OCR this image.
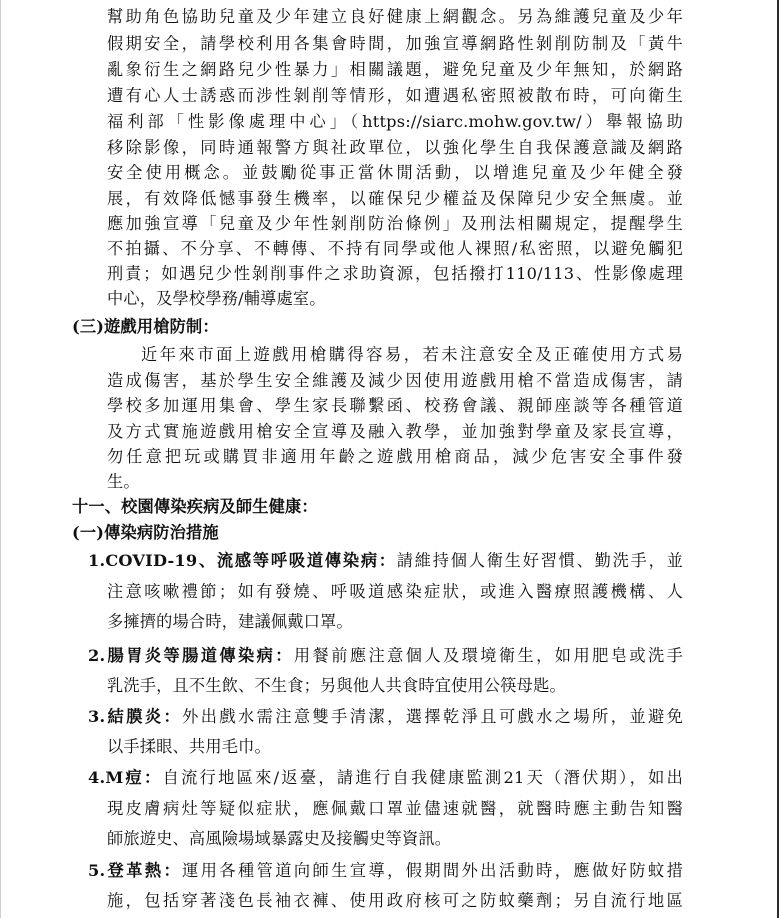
幫助角色協助兒童及少年建立良好健康上網觀念。另為維護兒童及少年
假期安全，請學校利用各集會時間，加強宣導網路性剝削防制及「黃牛
亂象衍生之網路兒少性暴力」相關議題，避免兒童及少年無知，於網路
遭有心人士誘惑而涉性剝削等情形，如遭遇私密照被散布時，可向衛生
福利部「性影像處理中心」（https://siarc.mohw.gov.tw/）舉報協助
移除影像，同時通報警方與社政單位，以強化學生自我保護意識及網路
安全使用概念。並鼓勵從事正當休閒活動，以增進兒童及少年健全發
展，有效降低憾事發生機率，以確保兒少權益及保障兒少安全無虞。並
應加強宣導「兒童及少年性剝削防治條例」及刑法相關規定，提醒學生
不拍攝、不分享、不轉傳、不持有同學或他人裸照/私密照，以避免觸犯
刑責；如遇兒少性剝削事件之求助資源，包括撥打110/113、性影像處理
中心，及學校學務/輔導處室。
(三)遊戲用槍防制：
近年來市面上遊戲用槍購得容易，若未注意安全及正確使用方式易
造成傷害，基於學生安全維護及減少因使用遊戲用槍不當造成傷害，請
學校多加運用集會、學生家長聯繫函、校務會議、親師座談等各種管道
及方式實施遊戲用槍安全宣導及融入教學，並加強對學童及家長宣導，
勿任意把玩或購買非適用年齡之遊戲用槍商品，減少危害安全事件發
生。
十一、校園傳染疾病及師生健康：
(一)傳染病防治措施
1.COVID-19、流感等呼吸道傳染病：請維持個人衛生好習慣、勤洗手，並
注意咳嗽禮節；如有發燒、呼吸道感染症狀，或進入醫療照護機構、人
多擁擠的場合時，建議佩戴口罩。
2.腸胃炎等腸道傳染病：用餐前應注意個人及環境衛生，如用肥皂或洗手
乳洗手，且不生飲、不生食；另與他人共食時宜使用公筷母匙。
3.結膜炎：外出戲水需注意雙手清潔，選擇乾淨且可戲水之場所，並避免
以手揉眼、共用毛巾。
4.M痘：自流行地區來/返臺，請進行自我健康監測21天（潛伏期），如出
現皮膚病灶等疑似症狀，應佩戴口罩並儘速就醫，就醫時應主動告知醫
師旅遊史、高風險場域暴露史及接觸史等資訊。
5.登革熱：運用各種管道向師生宣導，假期間外出活動時，應做好防蚊措
施，包括穿著淺色長袖衣褲、使用政府核可之防蚊藥劑；另自流行地區
